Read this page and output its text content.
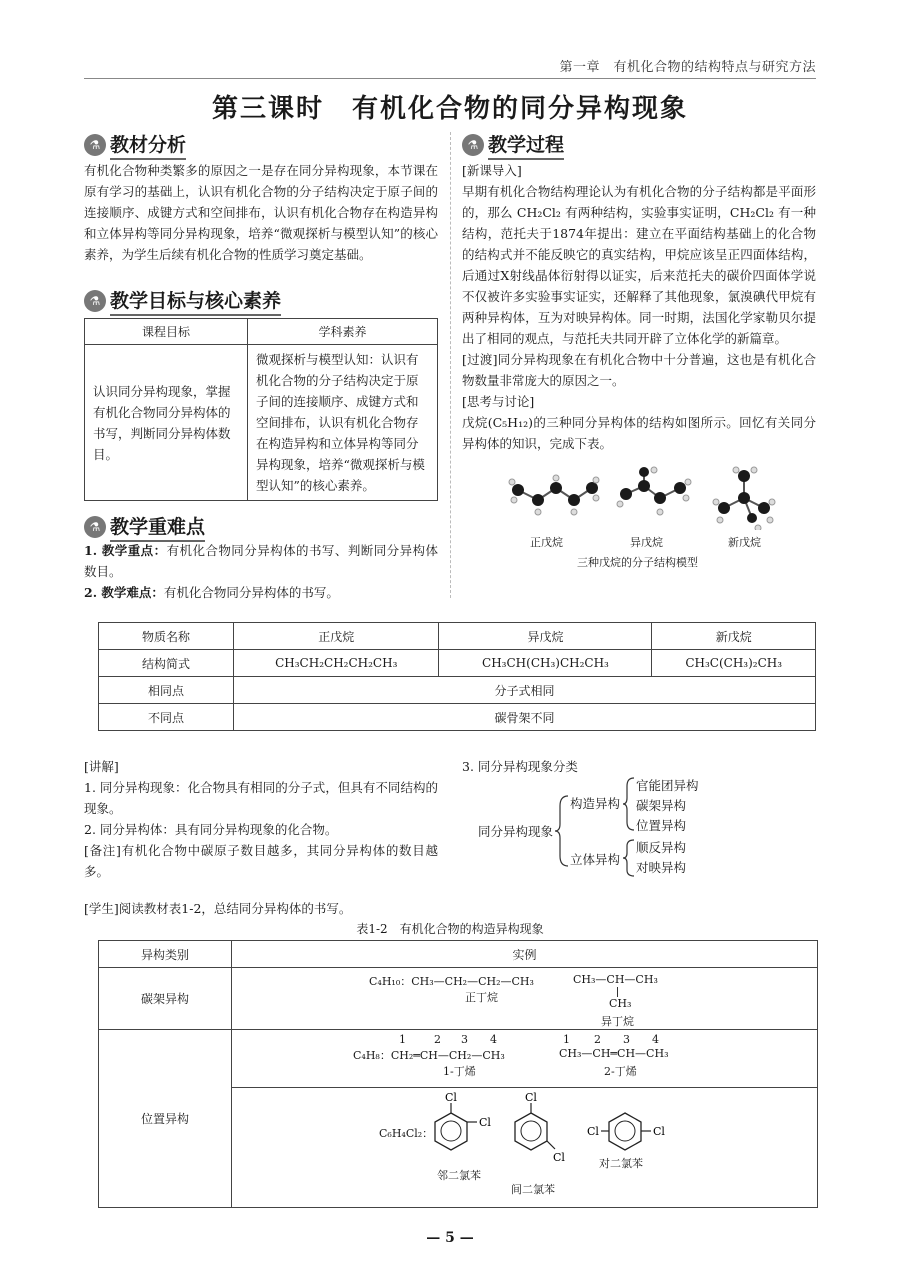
第一章　有机化合物的结构特点与研究方法
第三课时　有机化合物的同分异构现象
⚗ 教材分析
有机化合物种类繁多的原因之一是存在同分异构现象，本节课在原有学习的基础上，认识有机化合物的分子结构决定于原子间的连接顺序、成键方式和空间排布，认识有机化合物存在构造异构和立体异构等同分异构现象，培养“微观探析与模型认知”的核心素养，为学生后续有机化合物的性质学习奠定基础。
⚗ 教学目标与核心素养
课程目标	学科素养
认识同分异构现象，掌握有机化合物同分异构体的书写，判断同分异构体数目。	微观探析与模型认知：认识有机化合物的分子结构决定于原子间的连接顺序、成键方式和空间排布，认识有机化合物存在构造异构和立体异构等同分异构现象，培养“微观探析与模型认知”的核心素养。
⚗ 教学重难点
1. 教学重点：有机化合物同分异构体的书写、判断同分异构体数目。
2. 教学难点：有机化合物同分异构体的书写。
⚗ 教学过程
[新课导入]
早期有机化合物结构理论认为有机化合物的分子结构都是平面形的，那么 CH₂Cl₂ 有两种结构，实验事实证明，CH₂Cl₂ 有一种结构，范托夫于1874年提出：建立在平面结构基础上的化合物的结构式并不能反映它的真实结构，甲烷应该呈正四面体结构，后通过X射线晶体衍射得以证实，后来范托夫的碳价四面体学说不仅被许多实验事实证实，还解释了其他现象，氯溴碘代甲烷有两种异构体，互为对映异构体。同一时期，法国化学家勒贝尔提出了相同的观点，与范托夫共同开辟了立体化学的新篇章。
[过渡]同分异构现象在有机化合物中十分普遍，这也是有机化合物数量非常庞大的原因之一。
[思考与讨论]
戊烷(C₅H₁₂)的三种同分异构体的结构如图所示。回忆有关同分异构体的知识，完成下表。
正戊烷	异戊烷	新戊烷
三种戊烷的分子结构模型
物质名称	正戊烷	异戊烷	新戊烷
结构简式	CH₃CH₂CH₂CH₂CH₃	CH₃CH(CH₃)CH₂CH₃	CH₃C(CH₃)₂CH₃
相同点	分子式相同		
不同点	碳骨架不同		
[讲解]
1. 同分异构现象：化合物具有相同的分子式，但具有不同结构的现象。
2. 同分异构体：具有同分异构现象的化合物。
[备注]有机化合物中碳原子数目越多，其同分异构体的数目越多。
3. 同分异构现象分类
同分异构现象
构造异构
立体异构
官能团异构
碳架异构
位置异构
顺反异构
对映异构
[学生]阅读教材表1-2，总结同分异构体的书写。
表1-2　有机化合物的构造异构现象
异构类别	实例
碳架异构
C₄H₁₀：CH₃—CH₂—CH₂—CH₃
正丁烷
CH₃—CH—CH₃
CH₃
异丁烷
位置异构
1	2 3 4
C₄H₈：CH₂═CH—CH₂—CH₃
1-丁烯
1 2 3 4
CH₃—CH═CH—CH₃
2-丁烯
C₆H₄Cl₂：
Cl
Cl
邻二氯苯
Cl
Cl
间二氯苯
Cl	Cl
对二氯苯
— 5 —
